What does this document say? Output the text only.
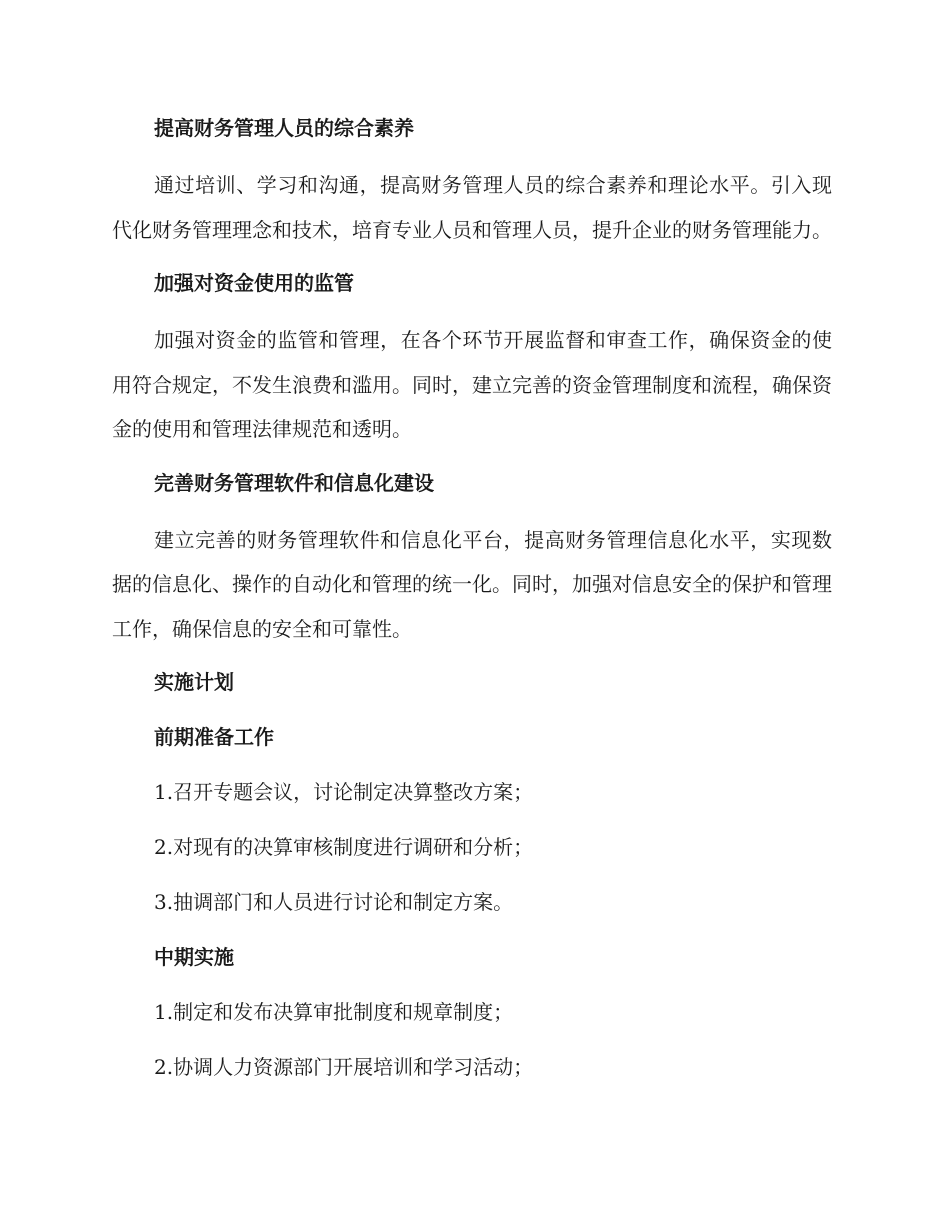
提高财务管理人员的综合素养
通过培训、学习和沟通，提高财务管理人员的综合素养和理论水平。引入现代化财务管理理念和技术，培育专业人员和管理人员，提升企业的财务管理能力。
加强对资金使用的监管
加强对资金的监管和管理，在各个环节开展监督和审查工作，确保资金的使用符合规定，不发生浪费和滥用。同时，建立完善的资金管理制度和流程，确保资金的使用和管理法律规范和透明。
完善财务管理软件和信息化建设
建立完善的财务管理软件和信息化平台，提高财务管理信息化水平，实现数据的信息化、操作的自动化和管理的统一化。同时，加强对信息安全的保护和管理工作，确保信息的安全和可靠性。
实施计划
前期准备工作
1.召开专题会议，讨论制定决算整改方案；
2.对现有的决算审核制度进行调研和分析；
3.抽调部门和人员进行讨论和制定方案。
中期实施
1.制定和发布决算审批制度和规章制度；
2.协调人力资源部门开展培训和学习活动；
